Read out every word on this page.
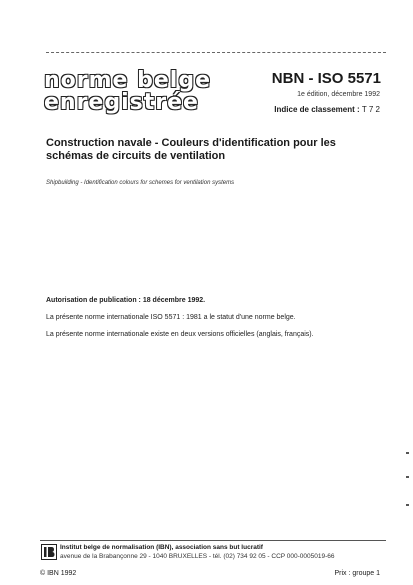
norme belge
enregistrée
NBN - ISO 5571
1e édition, décembre 1992
Indice de classement : T 7 2
Construction navale - Couleurs d'identification pour les schémas de circuits de ventilation
Shipbuilding - Identification colours for schemes for ventilation systems
Autorisation de publication : 18 décembre 1992.
La présente norme internationale ISO 5571 : 1981 a le statut d'une norme belge.
La présente norme internationale existe en deux versions officielles (anglais, français).
Institut belge de normalisation (IBN), association sans but lucratif
avenue de la Brabançonne 29 - 1040 BRUXELLES - tél. (02) 734 92 05 - CCP 000-0005019-66
© IBN 1992	Prix : groupe 1
